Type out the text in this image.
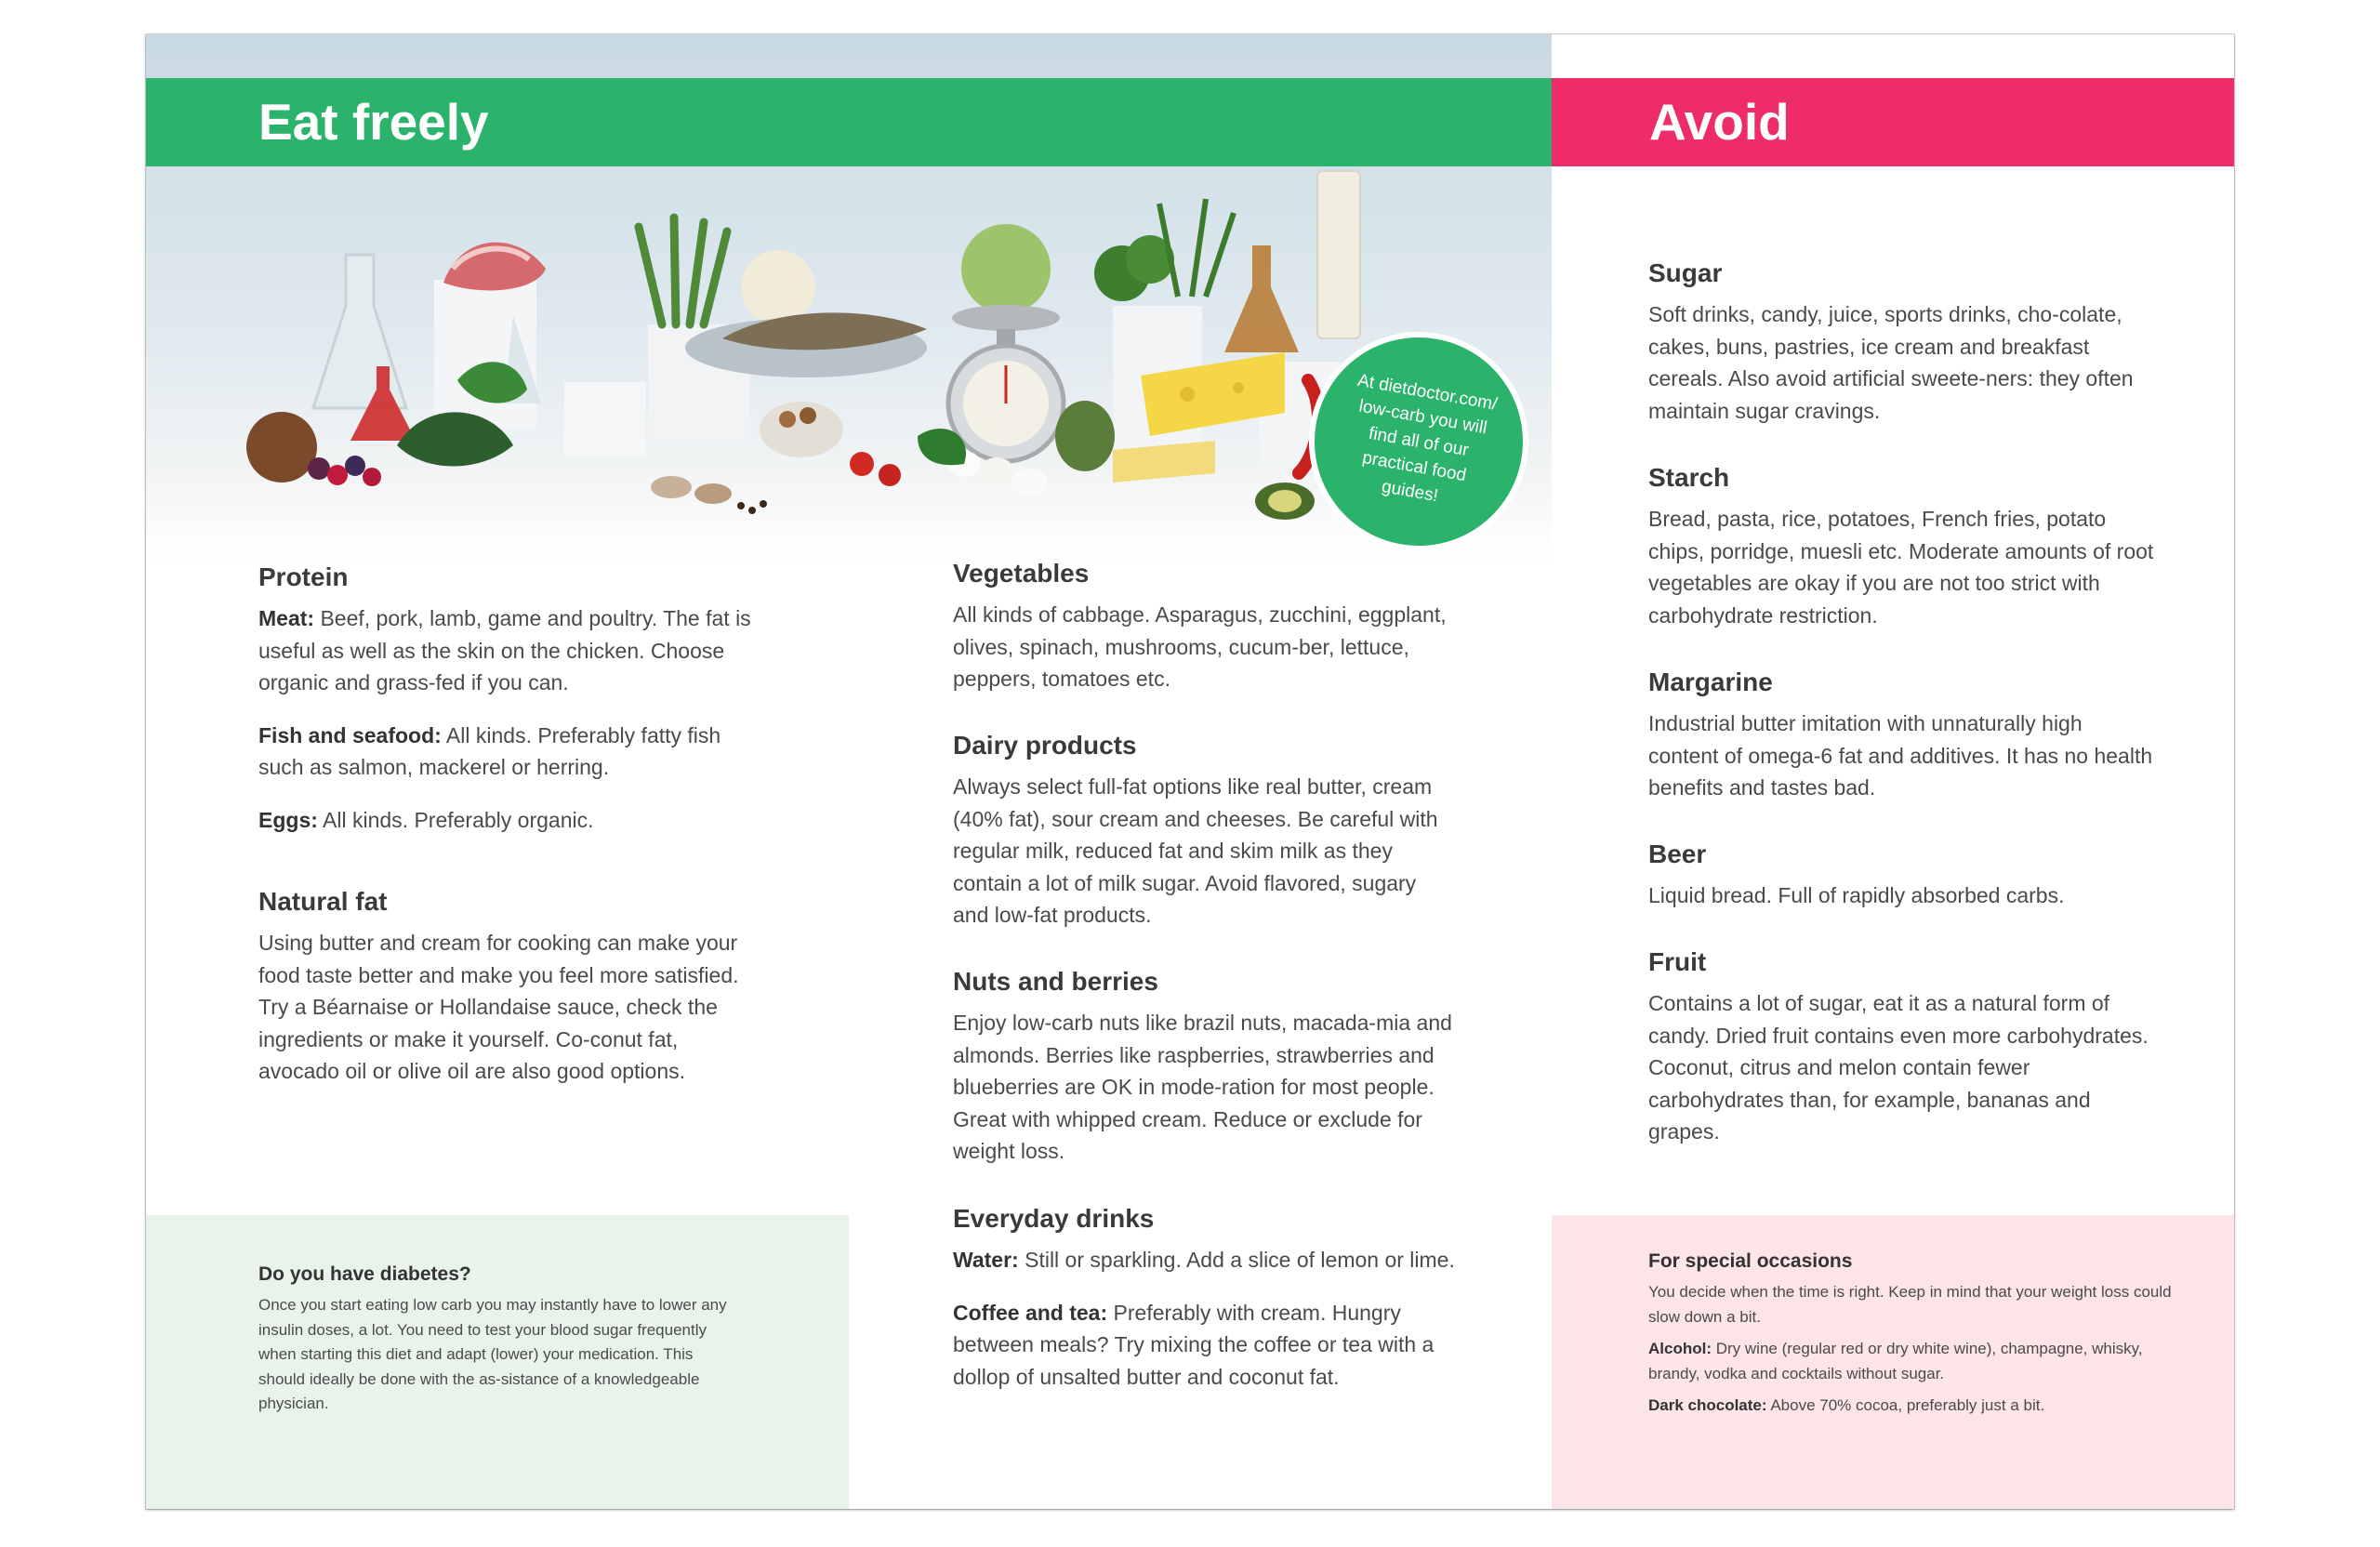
Eat freely	Avoid
At dietdoctor.com/ low-carb you will find all of our practical food guides!
Protein

Meat: Beef, pork, lamb, game and poultry. The fat is useful as well as the skin on the chicken. Choose organic and grass-fed if you can.

Fish and seafood: All kinds. Preferably fatty fish such as salmon, mackerel or herring.

Eggs: All kinds. Preferably organic.

Natural fat

Using butter and cream for cooking can make your food taste better and make you feel more satisfied. Try a Béarnaise or Hollandaise sauce, check the ingredients or make it yourself. Co-conut fat, avocado oil or olive oil are also good options.

Vegetables

All kinds of cabbage. Asparagus, zucchini, eggplant, olives, spinach, mushrooms, cucum-ber, lettuce, peppers, tomatoes etc.

Dairy products

Always select full-fat options like real butter, cream (40% fat), sour cream and cheeses. Be careful with regular milk, reduced fat and skim milk as they contain a lot of milk sugar. Avoid flavored, sugary and low-fat products.

Nuts and berries

Enjoy low-carb nuts like brazil nuts, macada-mia and almonds. Berries like raspberries, strawberries and blueberries are OK in mode-ration for most people. Great with whipped cream. Reduce or exclude for weight loss.

Everyday drinks

Water: Still or sparkling. Add a slice of lemon or lime.

Coffee and tea: Preferably with cream. Hungry between meals? Try mixing the coffee or tea with a dollop of unsalted butter and coconut fat.

Sugar

Soft drinks, candy, juice, sports drinks, cho-colate, cakes, buns, pastries, ice cream and breakfast cereals. Also avoid artificial sweete-ners: they often maintain sugar cravings.

Starch

Bread, pasta, rice, potatoes, French fries, potato chips, porridge, muesli etc. Moderate amounts of root vegetables are okay if you are not too strict with carbohydrate restriction.

Margarine

Industrial butter imitation with unnaturally high content of omega-6 fat and additives. It has no health benefits and tastes bad.

Beer

Liquid bread. Full of rapidly absorbed carbs.

Fruit

Contains a lot of sugar, eat it as a natural form of candy. Dried fruit contains even more carbohydrates. Coconut, citrus and melon contain fewer carbohydrates than, for example, bananas and grapes.

Do you have diabetes?

Once you start eating low carb you may instantly have to lower any insulin doses, a lot. You need to test your blood sugar frequently when starting this diet and adapt (lower) your medication. This should ideally be done with the as-sistance of a knowledgeable physician.

For special occasions

You decide when the time is right. Keep in mind that your weight loss could slow down a bit.

Alcohol: Dry wine (regular red or dry white wine), champagne, whisky, brandy, vodka and cocktails without sugar.

Dark chocolate: Above 70% cocoa, preferably just a bit.
